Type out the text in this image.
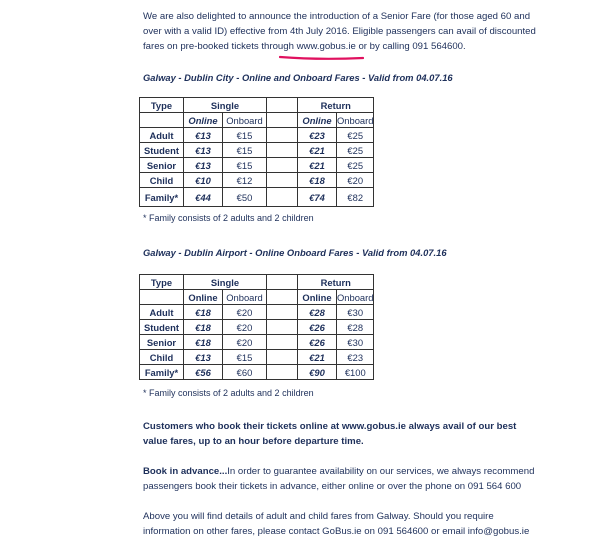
We are also delighted to announce the introduction of a Senior Fare (for those aged 60 and over with a valid ID) effective from 4th July 2016. Eligible passengers can avail of discounted fares on pre-booked tickets through www.gobus.ie or by calling 091 564600.
Galway - Dublin City - Online and Onboard Fares - Valid from 04.07.16
Type	Single			Return	
	Online	Onboard		Online	Onboard
Adult	€13	€15		€23	€25
Student	€13	€15		€21	€25
Senior	€13	€15		€21	€25
Child	€10	€12		€18	€20
Family*	€44	€50		€74	€82
* Family consists of 2 adults and 2 children
Galway - Dublin Airport - Online Onboard Fares - Valid from 04.07.16
Type	Single			Return	
	Online	Onboard		Online	Onboard
Adult	€18	€20		€28	€30
Student	€18	€20		€26	€28
Senior	€18	€20		€26	€30
Child	€13	€15		€21	€23
Family*	€56	€60		€90	€100
* Family consists of 2 adults and 2 children
Customers who book their tickets online at www.gobus.ie always avail of our best value fares, up to an hour before departure time.
Book in advance...In order to guarantee availability on our services, we always recommend passengers book their tickets in advance, either online or over the phone on 091 564 600
Above you will find details of adult and child fares from Galway. Should you require information on other fares, please contact GoBus.ie on 091 564600 or email info@gobus.ie
